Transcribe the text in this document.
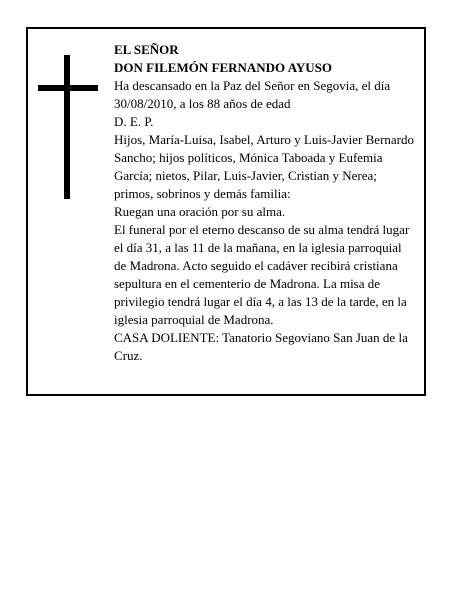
EL SEÑOR

DON FILEMÓN FERNANDO AYUSO

Ha descansado en la Paz del Señor en Segovia, el día 30/08/2010, a los 88 años de edad

D. E. P.

Hijos, María-Luisa, Isabel, Arturo y Luis-Javier Bernardo Sancho; hijos políticos, Mónica Taboada y Eufemia García; nietos, Pilar, Luis-Javier, Cristian y Nerea; primos, sobrinos y demás familia:

Ruegan una oración por su alma.

El funeral por el eterno descanso de su alma tendrá lugar el día 31, a las 11 de la mañana, en la iglesia parroquial de Madrona. Acto seguido el cadáver recibirá cristiana sepultura en el cementerio de Madrona. La misa de privilegio tendrá lugar el día 4, a las 13 de la tarde, en la iglesia parroquial de Madrona.

CASA DOLIENTE: Tanatorio Segoviano San Juan de la Cruz.
